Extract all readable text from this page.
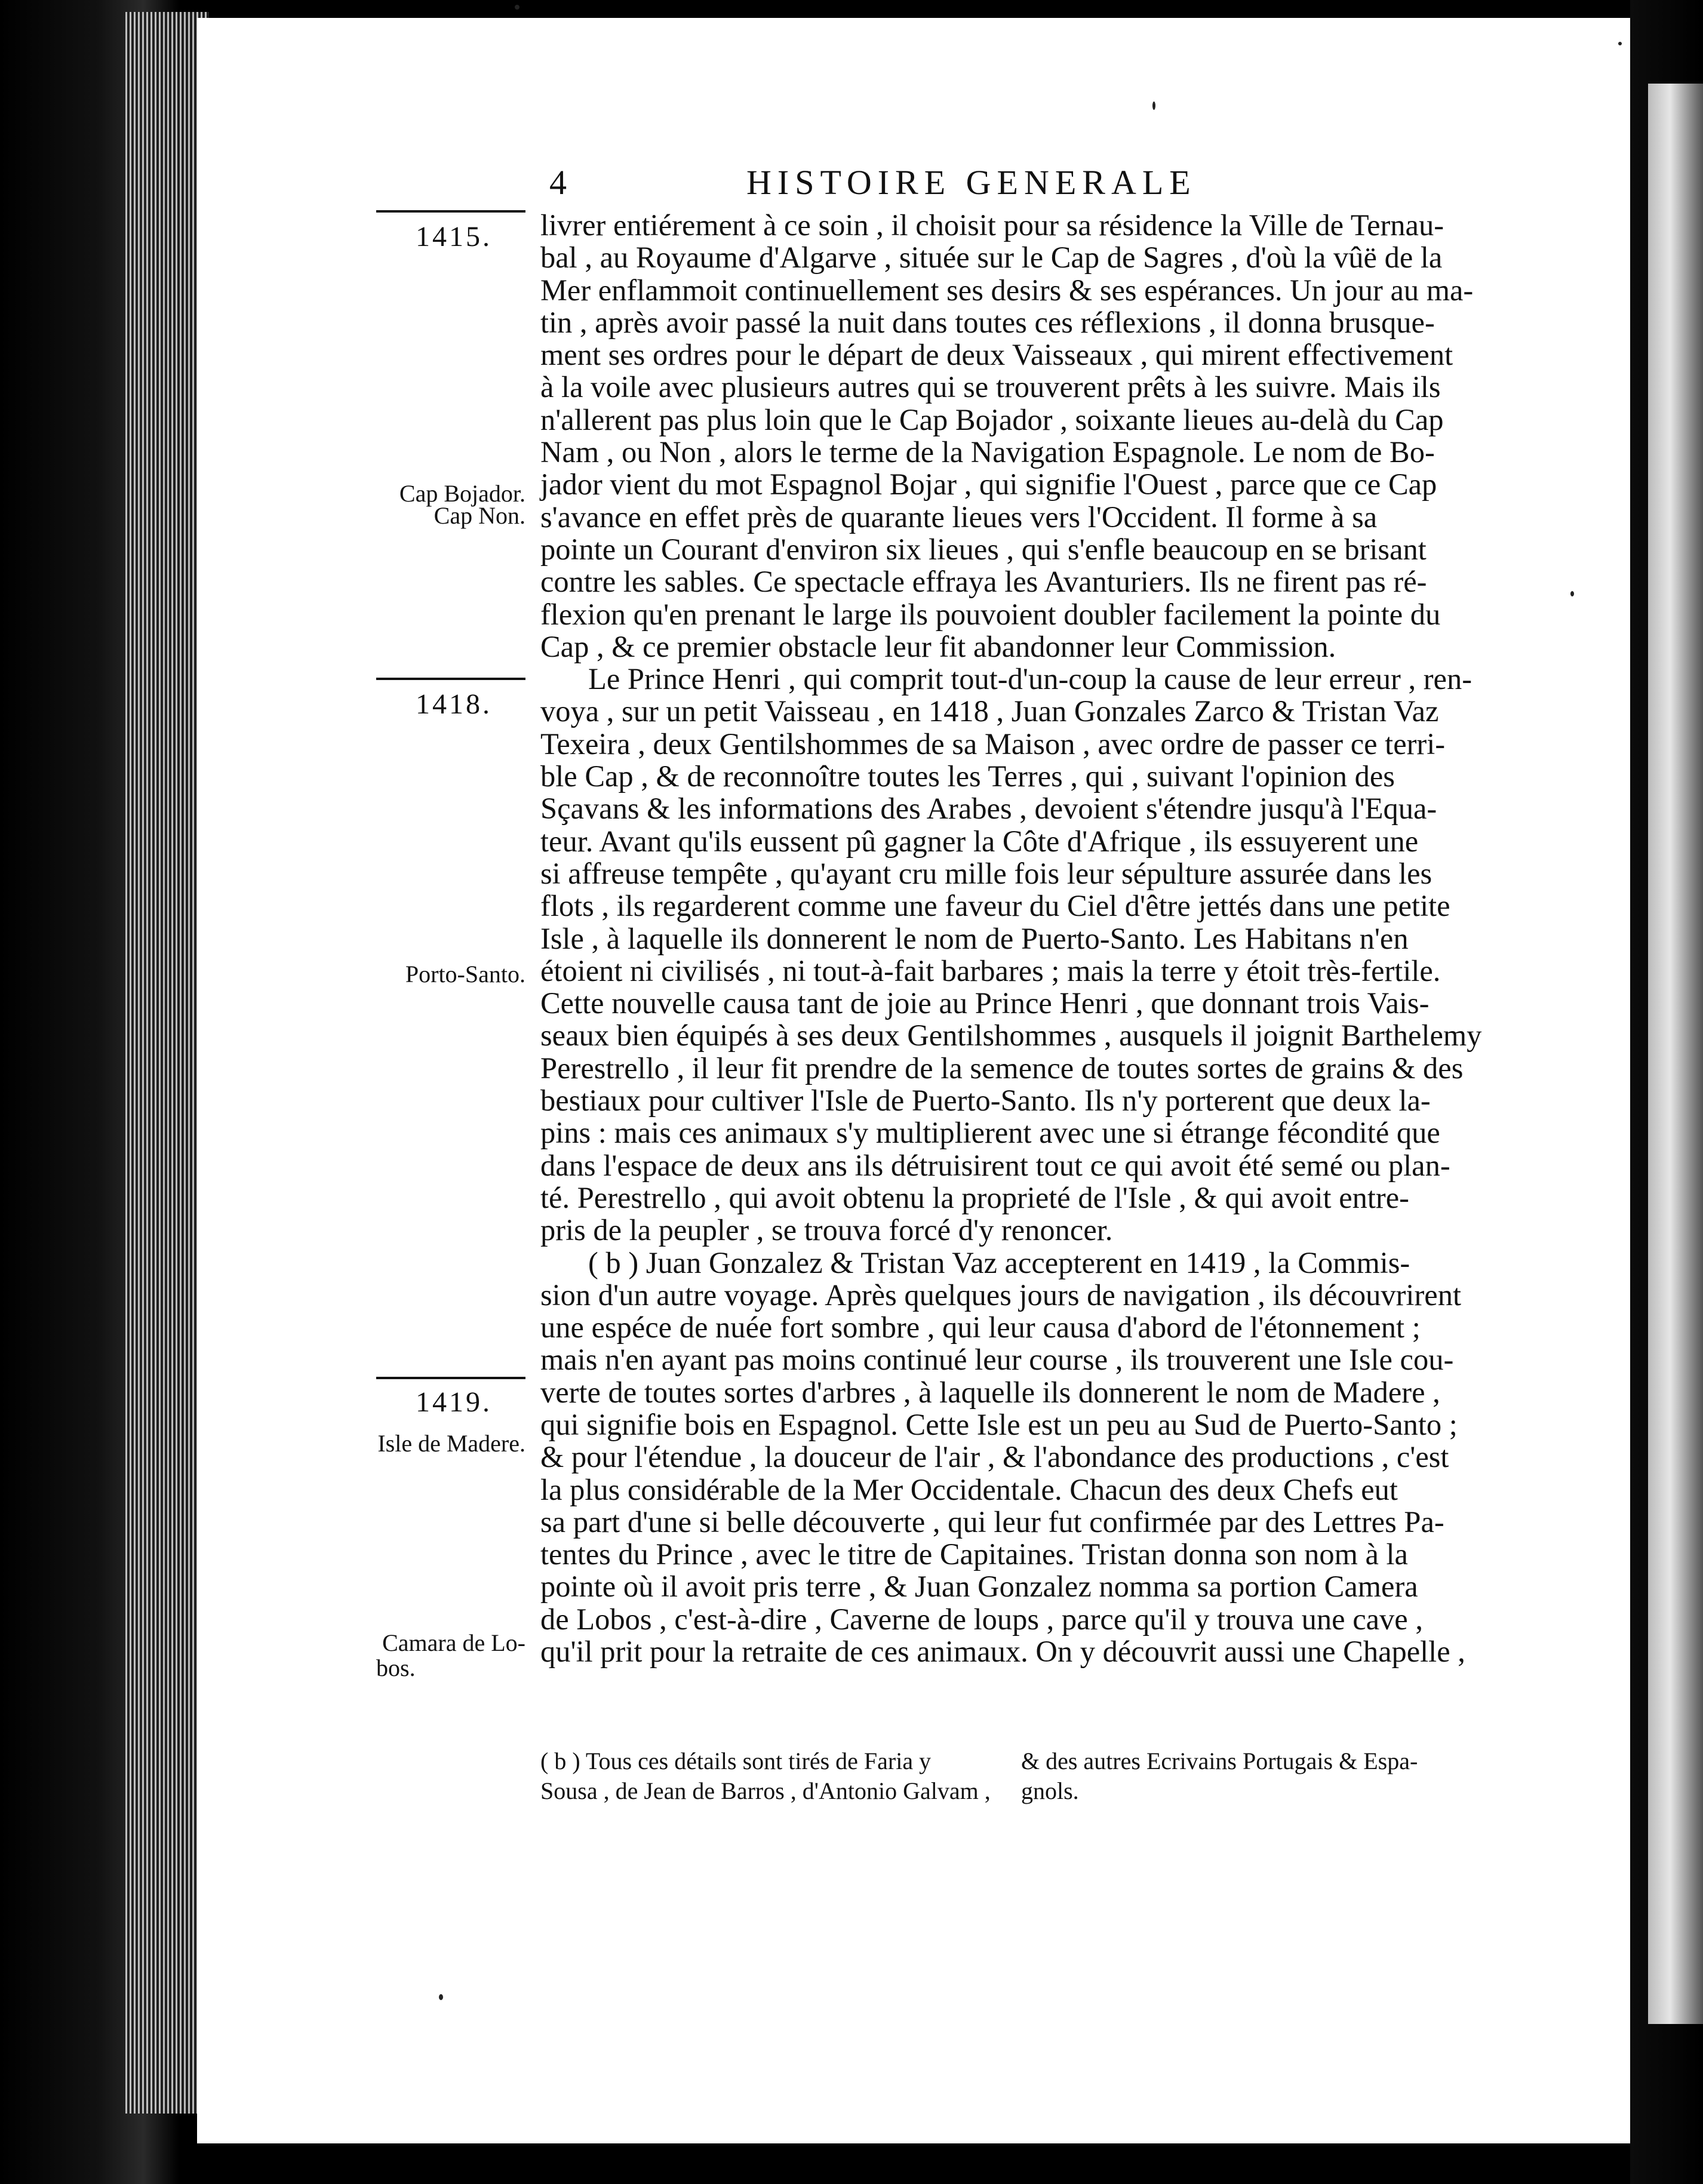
4	HISTOIRE GENERALE
1415.
Cap Bojador.
Cap Non.
1418.
Porto-Santo.
1419.
Isle de Madere.
Camara de Lo-
bos.
livrer entiérement à ce soin , il choisit pour sa résidence la Ville de Ternau-
bal , au Royaume d'Algarve , située sur le Cap de Sagres , d'où la vûë de la
Mer enflammoit continuellement ses desirs & ses espérances. Un jour au ma-
tin , après avoir passé la nuit dans toutes ces réflexions , il donna brusque-
ment ses ordres pour le départ de deux Vaisseaux , qui mirent effectivement
à la voile avec plusieurs autres qui se trouverent prêts à les suivre. Mais ils
n'allerent pas plus loin que le Cap Bojador , soixante lieues au-delà du Cap
Nam , ou Non , alors le terme de la Navigation Espagnole. Le nom de Bo-
jador vient du mot Espagnol Bojar , qui signifie l'Ouest , parce que ce Cap
s'avance en effet près de quarante lieues vers l'Occident. Il forme à sa
pointe un Courant d'environ six lieues , qui s'enfle beaucoup en se brisant
contre les sables. Ce spectacle effraya les Avanturiers. Ils ne firent pas ré-
flexion qu'en prenant le large ils pouvoient doubler facilement la pointe du
Cap , & ce premier obstacle leur fit abandonner leur Commission.
Le Prince Henri , qui comprit tout-d'un-coup la cause de leur erreur , ren-
voya , sur un petit Vaisseau , en 1418 , Juan Gonzales Zarco & Tristan Vaz
Texeira , deux Gentilshommes de sa Maison , avec ordre de passer ce terri-
ble Cap , & de reconnoître toutes les Terres , qui , suivant l'opinion des
Sçavans & les informations des Arabes , devoient s'étendre jusqu'à l'Equa-
teur. Avant qu'ils eussent pû gagner la Côte d'Afrique , ils essuyerent une
si affreuse tempête , qu'ayant cru mille fois leur sépulture assurée dans les
flots , ils regarderent comme une faveur du Ciel d'être jettés dans une petite
Isle , à laquelle ils donnerent le nom de Puerto-Santo. Les Habitans n'en
étoient ni civilisés , ni tout-à-fait barbares ; mais la terre y étoit très-fertile.
Cette nouvelle causa tant de joie au Prince Henri , que donnant trois Vais-
seaux bien équipés à ses deux Gentilshommes , ausquels il joignit Barthelemy
Perestrello , il leur fit prendre de la semence de toutes sortes de grains & des
bestiaux pour cultiver l'Isle de Puerto-Santo. Ils n'y porterent que deux la-
pins : mais ces animaux s'y multiplierent avec une si étrange fécondité que
dans l'espace de deux ans ils détruisirent tout ce qui avoit été semé ou plan-
té. Perestrello , qui avoit obtenu la proprieté de l'Isle , & qui avoit entre-
pris de la peupler , se trouva forcé d'y renoncer.
( b ) Juan Gonzalez & Tristan Vaz accepterent en 1419 , la Commis-
sion d'un autre voyage. Après quelques jours de navigation , ils découvrirent
une espéce de nuée fort sombre , qui leur causa d'abord de l'étonnement ;
mais n'en ayant pas moins continué leur course , ils trouverent une Isle cou-
verte de toutes sortes d'arbres , à laquelle ils donnerent le nom de Madere ,
qui signifie bois en Espagnol. Cette Isle est un peu au Sud de Puerto-Santo ;
& pour l'étendue , la douceur de l'air , & l'abondance des productions , c'est
la plus considérable de la Mer Occidentale. Chacun des deux Chefs eut
sa part d'une si belle découverte , qui leur fut confirmée par des Lettres Pa-
tentes du Prince , avec le titre de Capitaines. Tristan donna son nom à la
pointe où il avoit pris terre , & Juan Gonzalez nomma sa portion Camera
de Lobos , c'est-à-dire , Caverne de loups , parce qu'il y trouva une cave ,
qu'il prit pour la retraite de ces animaux. On y découvrit aussi une Chapelle ,
( b ) Tous ces détails sont tirés de Faria y
Sousa , de Jean de Barros , d'Antonio Galvam ,
& des autres Ecrivains Portugais & Espa-
gnols.
